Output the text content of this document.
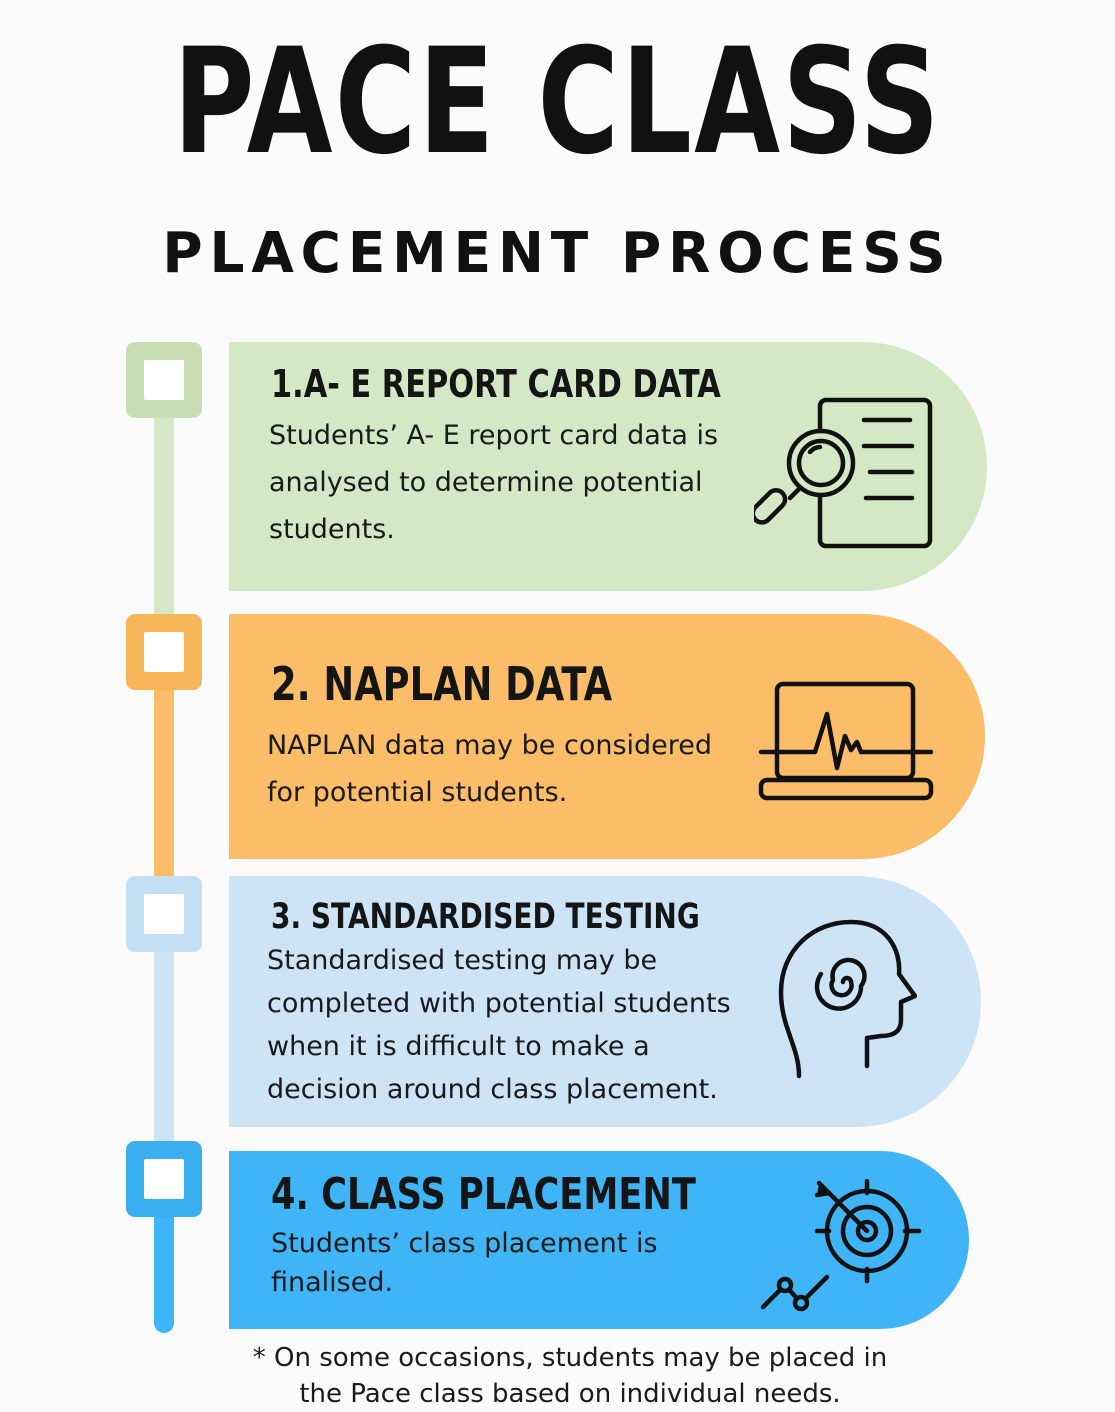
PACE CLASS
PLACEMENT PROCESS
1.A- E REPORT CARD DATA

Students’ A- E report card data is

analysed to determine potential

students.

2. NAPLAN DATA

NAPLAN data may be considered

for potential students.

3. STANDARDISED TESTING

Standardised testing may be

completed with potential students

when it is difficult to make a

decision around class placement.

4. CLASS PLACEMENT

Students’ class placement is

finalised.

* On some occasions, students may be placed in
the Pace class based on individual needs.
